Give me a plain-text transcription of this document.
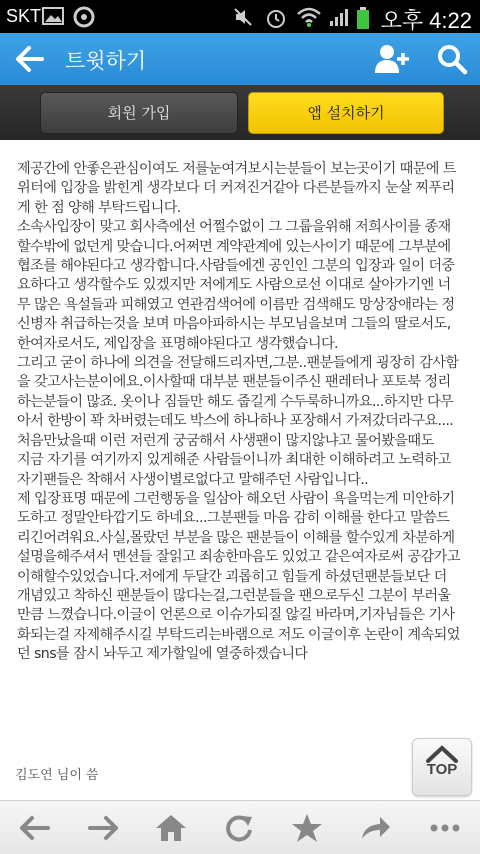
SKT	오후 4:22
트윗하기
회원 가입	앱 설치하기
제공간에 안좋은관심이여도 저를눈여겨보시는분들이 보는곳이기 때문에 트위터에 입장을 밝힌게 생각보다 더 커져진거같아 다른분들까지 눈살 찌푸리게 한 점 양해 부탁드립니다.
소속사입장이 맞고 회사측에선 어쩔수없이 그 그룹을위해 저희사이를 종재할수밖에 없던게 맞습니다.어쩌면 계약관계에 있는사이기 때문에 그부분에 협조를 해야된다고 생각합니다.사람들에겐 공인인 그분의 입장과 일이 더중요하다고 생각할수도 있겠지만 저에게도 사람으로선 이대로 살아가기엔 너무 많은 욕설들과 피해였고 연관검색어에 이름만 검색해도 망상장애라는 정신병자 취급하는것을 보며 마음아파하시는 부모님을보며 그들의 딸로서도,한여자로서도, 제입장을 표명해야된다고 생각했습니다.
그리고 굳이 하나에 의견을 전달해드리자면,그분..팬분들에게 굉장히 감사함을 갖고사는분이에요.이사할때 대부분 팬분들이주신 팬레터나 포토북 정리하는분들이 많죠. 옷이나 짐들만 해도 줍길게 수두룩하니까요...하지만 다무아서 한방이 꽉 차버렸는데도 박스에 하나하나 포장해서 가져갔더라구요....처음만났을때 이런 저런게 궁굼해서 사생팬이 많지않냐고 물어봤을때도
지금 자기를 여기까지 있게해준 사람들이니까 최대한 이해하려고 노력하고 자기팬들은 착해서 사생이별로없다고 말해주던 사람입니다..
제 입장표명 때문에 그런행동을 일삼아 해오던 사람이 욕을먹는게 미안하기도하고 정말안타깝기도 하네요...그분팬들 마음 감히 이해를 한다고 말씀드리긴어려워요.사실,몰랐던 부분을 많은 팬분들이 이해를 할수있게 차분하게 설명을해주셔서 멘션들 잘읽고 죄송한마음도 있었고 같은여자로써 공감가고 이해할수있었습니다.저에게 두달간 괴롭히고 힘들게 하셨던팬분들보단 더 개념있고 착하신 팬분들이 많다는걸,그런분들을 팬으로두신 그분이 부러울만큼 느꼈습니다.이글이 언론으로 이슈가되질 않길 바라며,기자님들은 기사화되는걸 자제해주시길 부탁드리는바램으로 저도 이글이후 논란이 계속되었던 sns를 잠시 놔두고 제가할일에 열중하겠습니다
김도연 님이 씀	TOP
